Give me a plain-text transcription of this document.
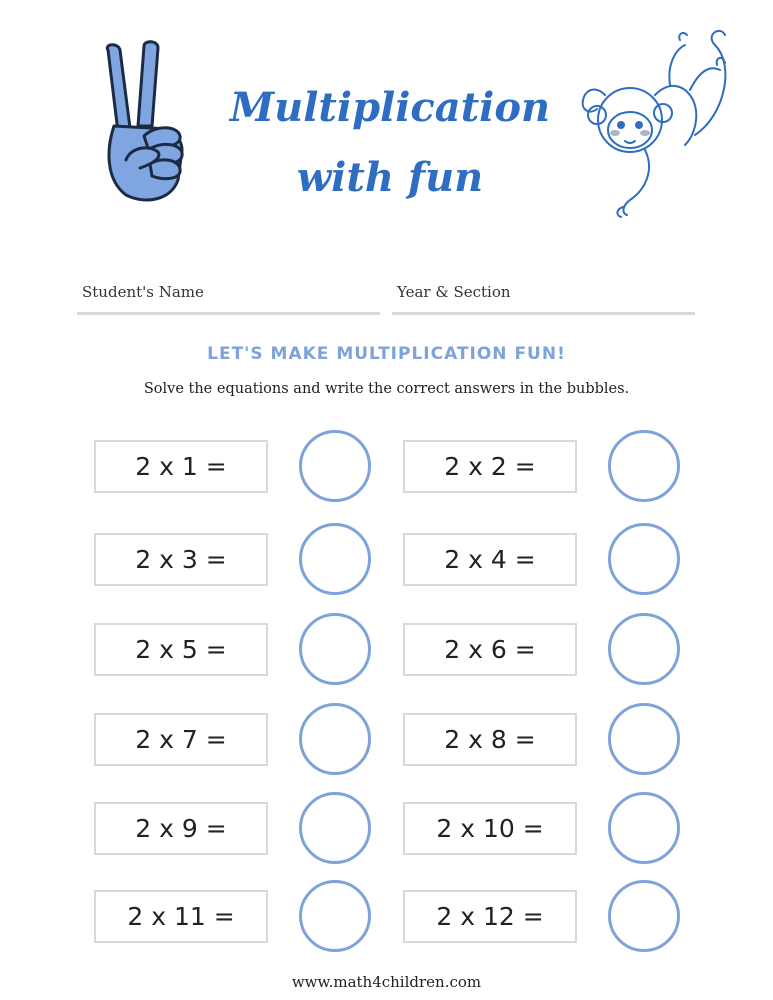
Multiplication
with fun
Student's Name	Year & Section
LET'S MAKE MULTIPLICATION FUN!
Solve the equations and write the correct answers in the bubbles.
2 x 1 =	2 x 2 =
2 x 3 =	2 x 4 =
2 x 5 =	2 x 6 =
2 x 7 =	2 x 8 =
2 x 9 =	2 x 10 =
2 x 11 =	2 x 12 =
www.math4children.com
